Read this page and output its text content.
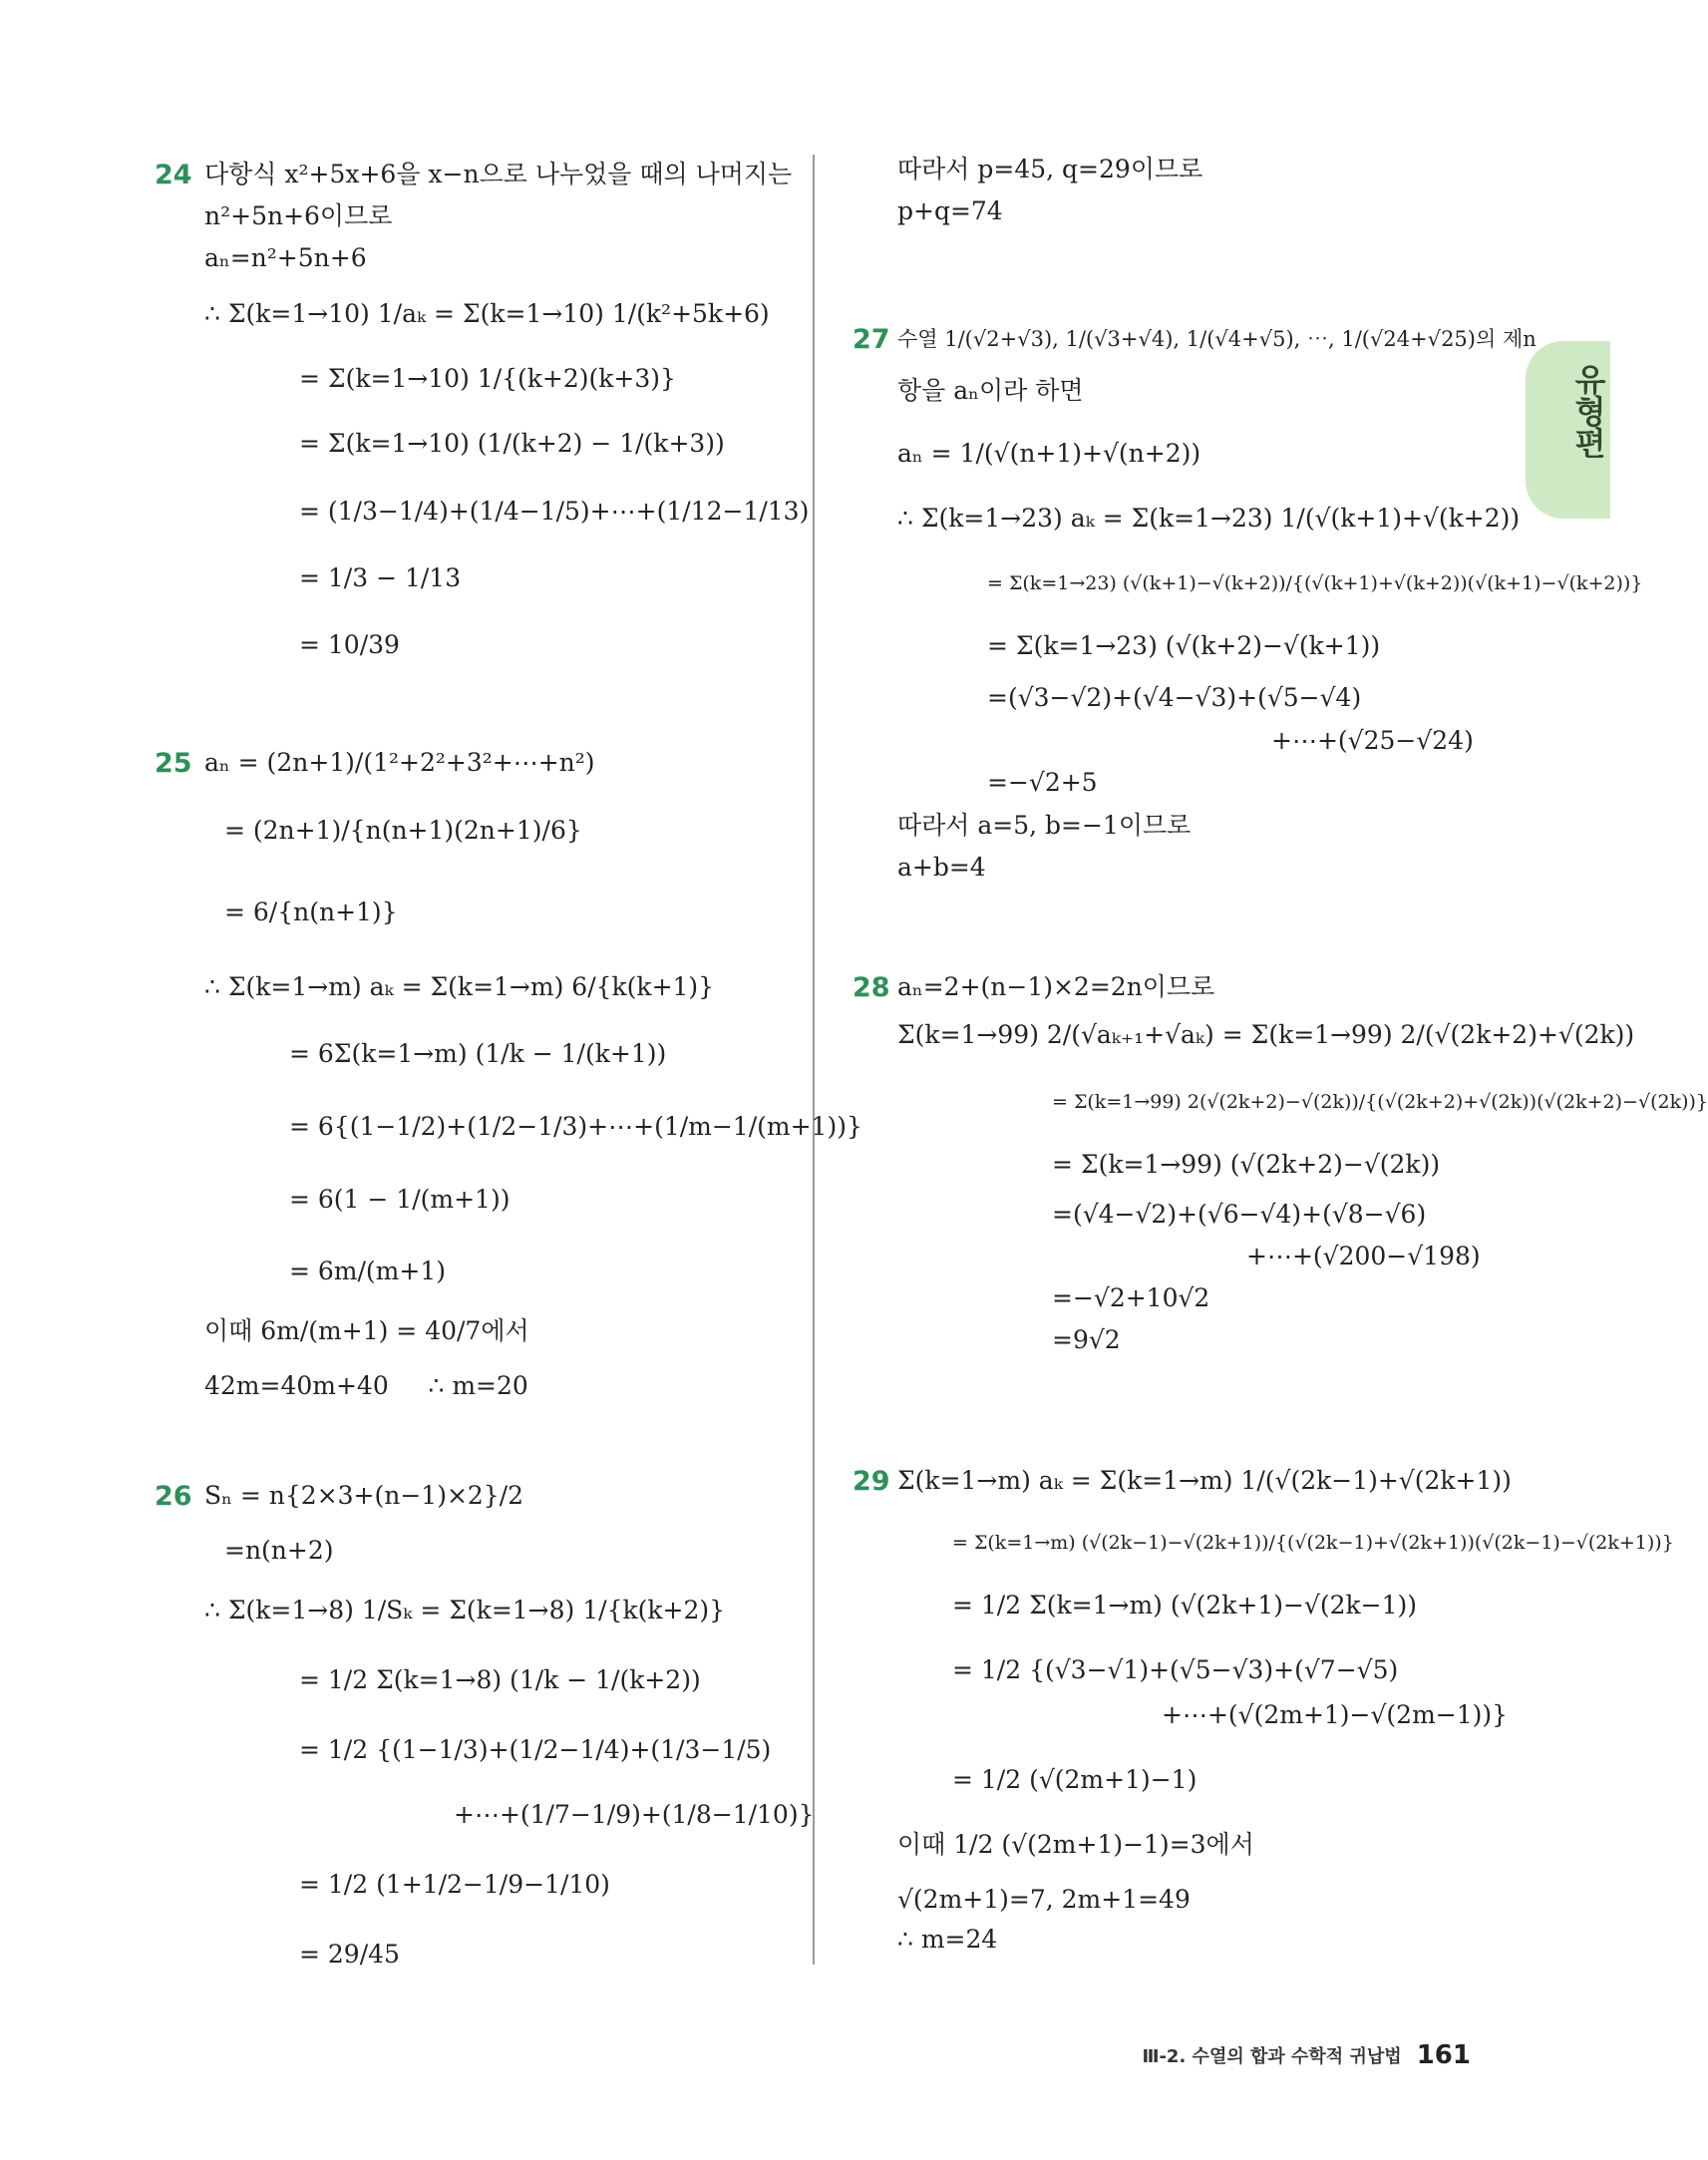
유형편
24 다항식 x²+5x+6을 x−n으로 나누었을 때의 나머지는
n²+5n+6이므로
aₙ=n²+5n+6
∴ Σ(k=1→10) 1/aₖ = Σ(k=1→10) 1/(k²+5k+6)
= Σ(k=1→10) 1/{(k+2)(k+3)}
= Σ(k=1→10) (1/(k+2) − 1/(k+3))
= (1/3−1/4)+(1/4−1/5)+⋯+(1/12−1/13)
= 1/3 − 1/13
= 10/39
25 aₙ = (2n+1)/(1²+2²+3²+⋯+n²)
= (2n+1)/{n(n+1)(2n+1)/6}
= 6/{n(n+1)}
∴ Σ(k=1→m) aₖ = Σ(k=1→m) 6/{k(k+1)}
= 6Σ(k=1→m) (1/k − 1/(k+1))
= 6{(1−1/2)+(1/2−1/3)+⋯+(1/m−1/(m+1))}
= 6(1 − 1/(m+1))
= 6m/(m+1)
이때 6m/(m+1) = 40/7에서
42m=40m+40     ∴ m=20
26 Sₙ = n{2×3+(n−1)×2}/2
=n(n+2)
∴ Σ(k=1→8) 1/Sₖ = Σ(k=1→8) 1/{k(k+2)}
= 1/2 Σ(k=1→8) (1/k − 1/(k+2))
= 1/2 {(1−1/3)+(1/2−1/4)+(1/3−1/5)
+⋯+(1/7−1/9)+(1/8−1/10)}
= 1/2 (1+1/2−1/9−1/10)
= 29/45
따라서 p=45, q=29이므로
p+q=74
27 수열 1/(√2+√3), 1/(√3+√4), 1/(√4+√5), ⋯, 1/(√24+√25)의 제n
항을 aₙ이라 하면
aₙ = 1/(√(n+1)+√(n+2))
∴ Σ(k=1→23) aₖ = Σ(k=1→23) 1/(√(k+1)+√(k+2))
= Σ(k=1→23) (√(k+1)−√(k+2))/{(√(k+1)+√(k+2))(√(k+1)−√(k+2))}
= Σ(k=1→23) (√(k+2)−√(k+1))
=(√3−√2)+(√4−√3)+(√5−√4)
+⋯+(√25−√24)
=−√2+5
따라서 a=5, b=−1이므로
a+b=4
28 aₙ=2+(n−1)×2=2n이므로
Σ(k=1→99) 2/(√aₖ₊₁+√aₖ) = Σ(k=1→99) 2/(√(2k+2)+√(2k))
= Σ(k=1→99) 2(√(2k+2)−√(2k))/{(√(2k+2)+√(2k))(√(2k+2)−√(2k))}
= Σ(k=1→99) (√(2k+2)−√(2k))
=(√4−√2)+(√6−√4)+(√8−√6)
+⋯+(√200−√198)
=−√2+10√2
=9√2
29 Σ(k=1→m) aₖ = Σ(k=1→m) 1/(√(2k−1)+√(2k+1))
= Σ(k=1→m) (√(2k−1)−√(2k+1))/{(√(2k−1)+√(2k+1))(√(2k−1)−√(2k+1))}
= 1/2 Σ(k=1→m) (√(2k+1)−√(2k−1))
= 1/2 {(√3−√1)+(√5−√3)+(√7−√5)
+⋯+(√(2m+1)−√(2m−1))}
= 1/2 (√(2m+1)−1)
이때 1/2 (√(2m+1)−1)=3에서
√(2m+1)=7, 2m+1=49
∴ m=24
Ⅲ-2. 수열의 합과 수학적 귀납법 161
